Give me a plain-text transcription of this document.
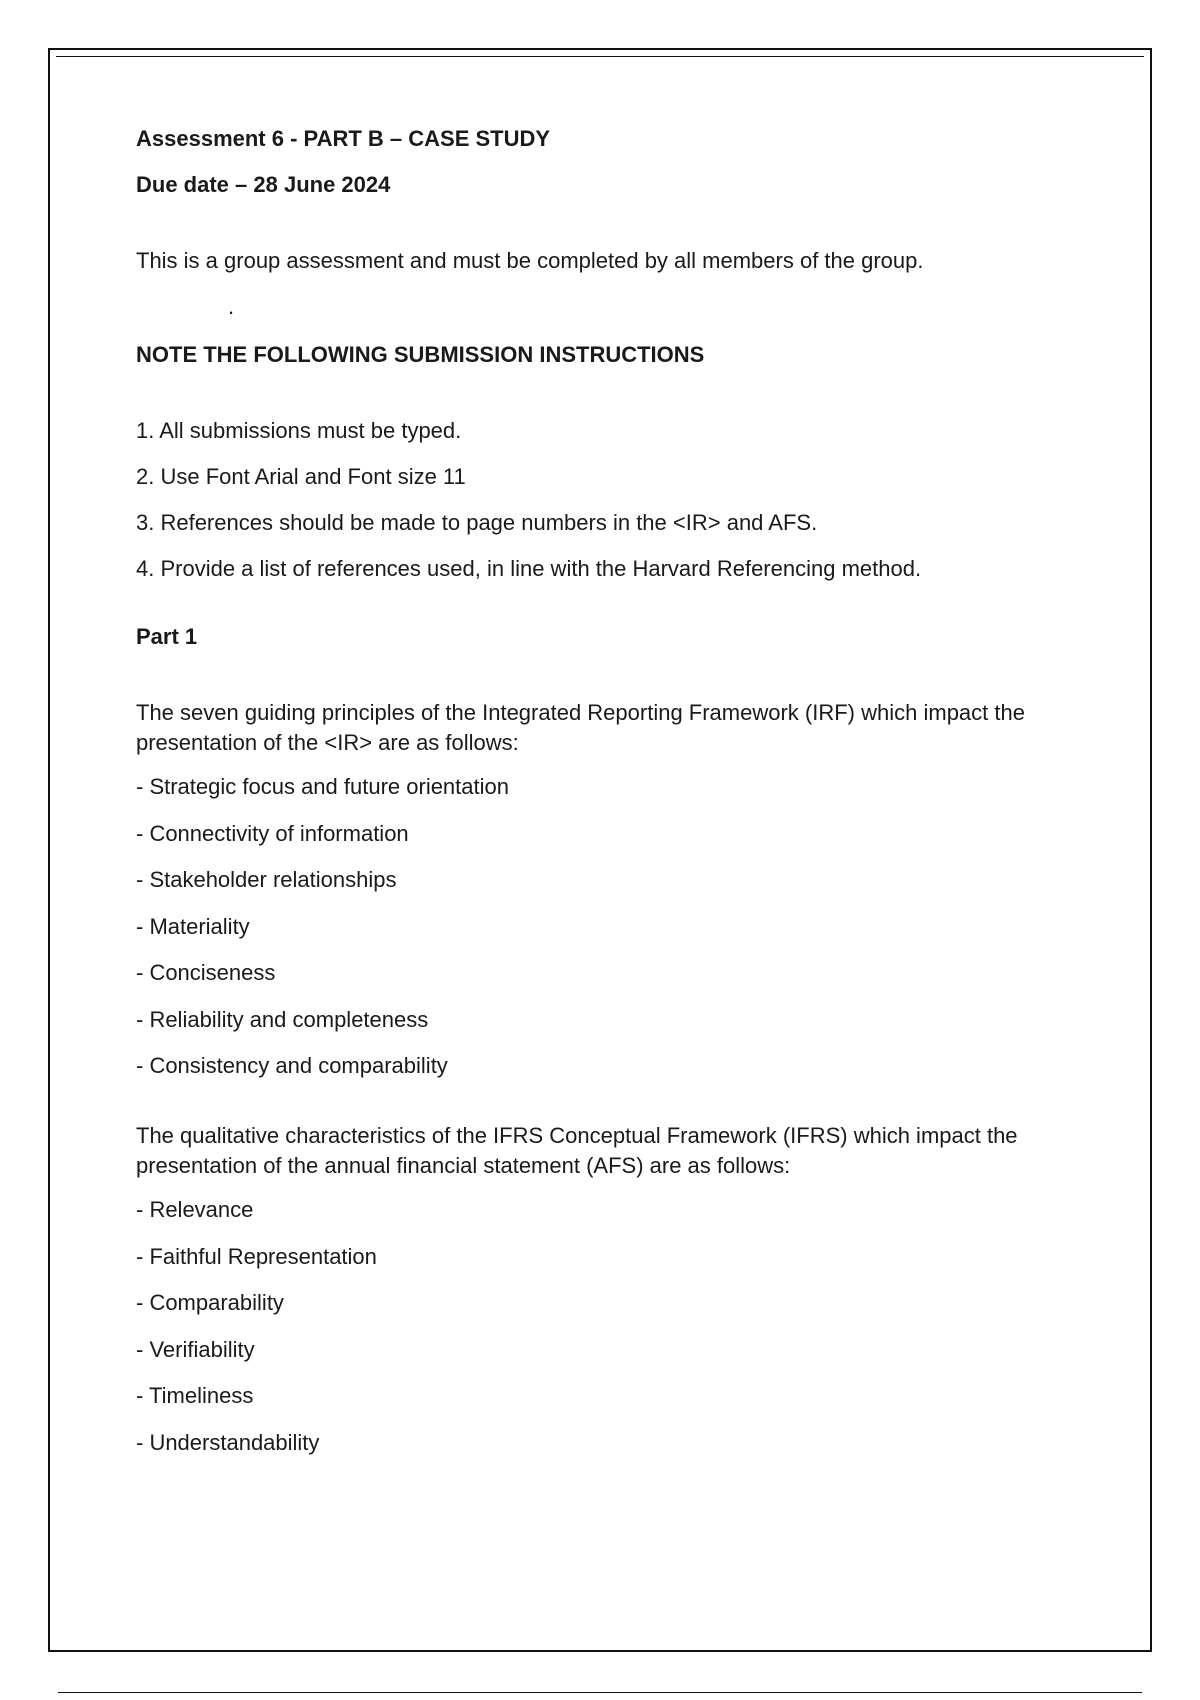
Assessment 6 - PART B – CASE STUDY

Due date – 28 June 2024

This is a group assessment and must be completed by all members of the group.

.

NOTE THE FOLLOWING SUBMISSION INSTRUCTIONS

1. All submissions must be typed.
2. Use Font Arial and Font size 11
3. References should be made to page numbers in the <IR> and AFS.
4. Provide a list of references used, in line with the Harvard Referencing method.

Part 1

The seven guiding principles of the Integrated Reporting Framework (IRF) which impact the presentation of the <IR> are as follows:

- Strategic focus and future orientation
- Connectivity of information
- Stakeholder relationships
- Materiality
- Conciseness
- Reliability and completeness
- Consistency and comparability

The qualitative characteristics of the IFRS Conceptual Framework (IFRS) which impact the presentation of the annual financial statement (AFS) are as follows:

- Relevance
- Faithful Representation
- Comparability
- Verifiability
- Timeliness
- Understandability
